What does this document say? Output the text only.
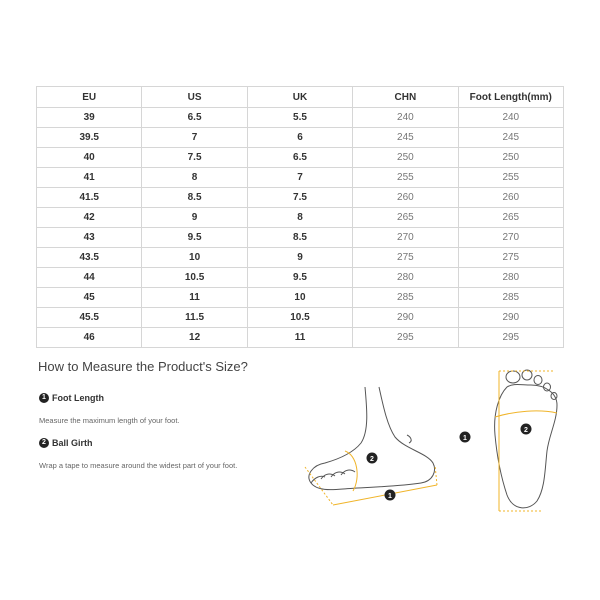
EU	US	UK	CHN	Foot Length(mm)
39	6.5	5.5	240	240
39.5	7	6	245	245
40	7.5	6.5	250	250
41	8	7	255	255
41.5	8.5	7.5	260	260
42	9	8	265	265
43	9.5	8.5	270	270
43.5	10	9	275	275
44	10.5	9.5	280	280
45	11	10	285	285
45.5	11.5	10.5	290	290
46	12	11	295	295
How to Measure the Product's Size?
1 Foot Length
Measure the maximum length of your foot.
2 Ball Girth
Wrap a tape to measure around the widest part of your foot.
2
1
2
1
